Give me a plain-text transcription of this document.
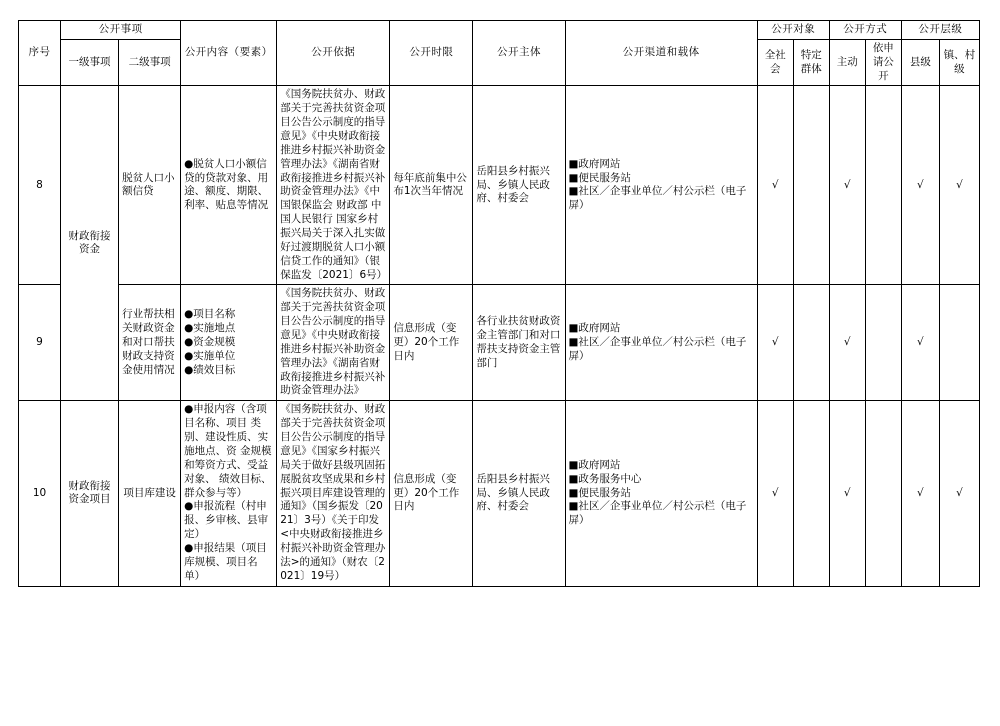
序号	公开事项		公开内容（要素）	公开依据	公开时限	公开主体	公开渠道和载体	公开对象		公开方式		公开层级	
	一级事项	二级事项						全社会	特定群体	主动	依申请公开	县级	镇、村级
8	财政衔接资金	脱贫人口小额信贷	●脱贫人口小额信贷的贷款对象、用途、额度、期限、利率、贴息等情况	《国务院扶贫办、财政部关于完善扶贫资金项目公告公示制度的指导意见》《中央财政衔接推进乡村振兴补助资金管理办法》《湖南省财政衔接推进乡村振兴补助资金管理办法》《中国银保监会 财政部 中国人民银行 国家乡村振兴局关于深入扎实做好过渡期脱贫人口小额信贷工作的通知》（银保监发〔2021〕6号）	每年底前集中公布1次当年情况	岳阳县乡村振兴局、乡镇人民政府、村委会	■政府网站
■便民服务站
■社区／企事业单位／村公示栏（电子屏）	√		√		√	√
9		行业帮扶相关财政资金和对口帮扶财政支持资金使用情况	●项目名称
●实施地点
●资金规模
●实施单位
●绩效目标	《国务院扶贫办、财政部关于完善扶贫资金项目公告公示制度的指导意见》《中央财政衔接推进乡村振兴补助资金管理办法》《湖南省财政衔接推进乡村振兴补助资金管理办法》	信息形成（变更）20个工作日内	各行业扶贫财政资金主管部门和对口帮扶支持资金主管部门	■政府网站
■社区／企事业单位／村公示栏（电子屏）	√		√		√	
10	财政衔接资金项目	项目库建设	●申报内容（含项目名称、项目 类别、建设性质、实施地点、资 金规模和筹资方式、受益对象、 绩效目标、群众参与等）
●申报流程（村申报、乡审核、县审定）
●申报结果（项目库规模、项目名单）	《国务院扶贫办、财政部关于完善扶贫资金项目公告公示制度的指导意见》《国家乡村振兴局关于做好县级巩固拓展脱贫攻坚成果和乡村振兴项目库建设管理的通知》（国乡振发〔2021〕3号）《关于印发<中央财政衔接推进乡村振兴补助资金管理办法>的通知》（财农〔2021〕19号）	信息形成（变更）20个工作日内	岳阳县乡村振兴局、乡镇人民政府、村委会	■政府网站
■政务服务中心
■便民服务站
■社区／企事业单位／村公示栏（电子屏）	√		√		√	√
